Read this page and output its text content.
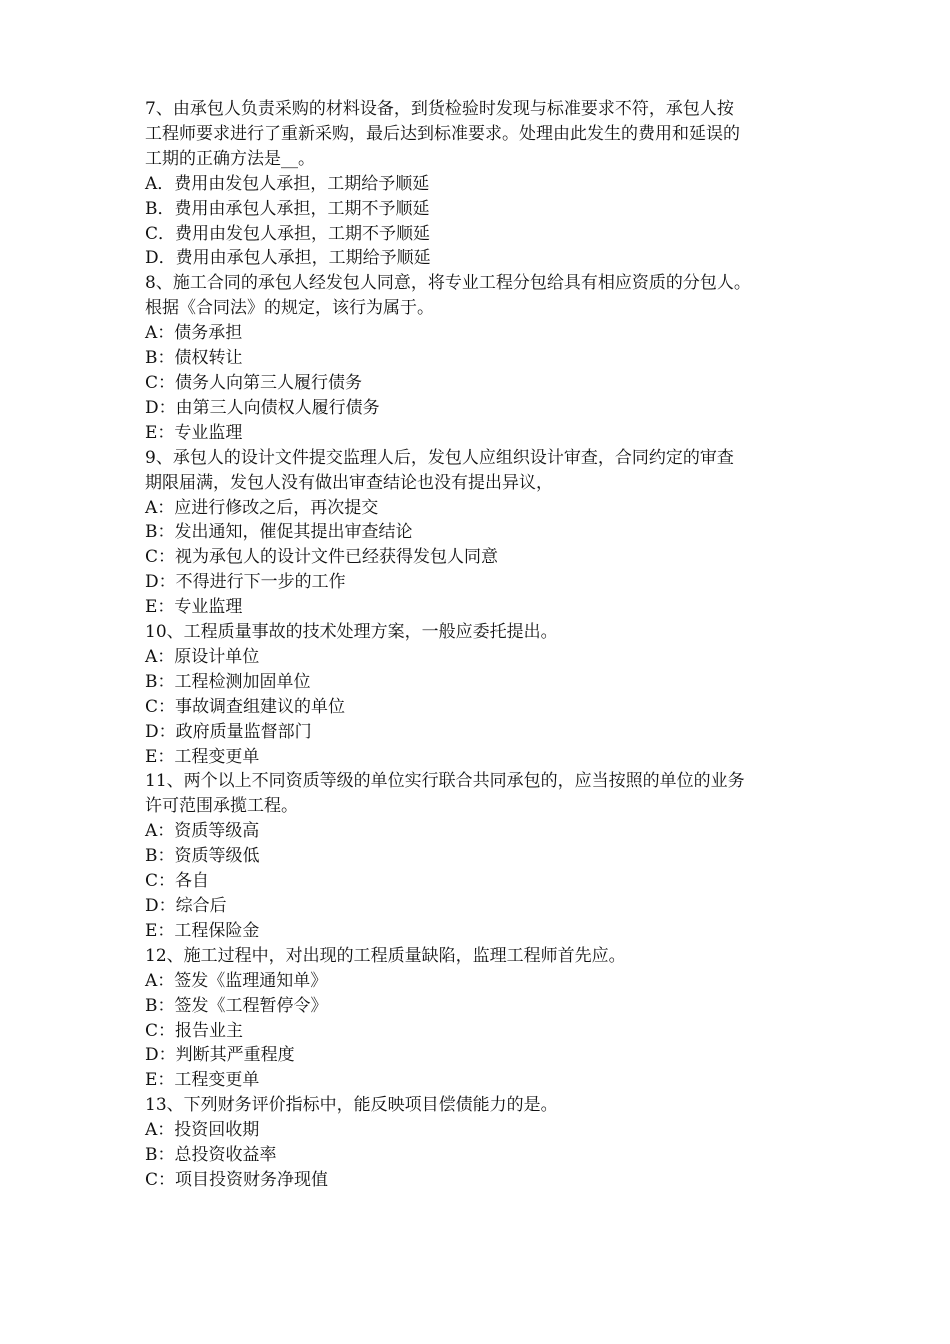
7、由承包人负责采购的材料设备，到货检验时发现与标准要求不符，承包人按
工程师要求进行了重新采购，最后达到标准要求。处理由此发生的费用和延误的
工期的正确方法是__。
A．费用由发包人承担，工期给予顺延
B．费用由承包人承担，工期不予顺延
C．费用由发包人承担，工期不予顺延
D．费用由承包人承担，工期给予顺延
8、施工合同的承包人经发包人同意，将专业工程分包给具有相应资质的分包人。
根据《合同法》的规定，该行为属于。
A：债务承担
B：债权转让
C：债务人向第三人履行债务
D：由第三人向债权人履行债务
E：专业监理
9、承包人的设计文件提交监理人后，发包人应组织设计审查，合同约定的审查
期限届满，发包人没有做出审查结论也没有提出异议，
A：应进行修改之后，再次提交
B：发出通知，催促其提出审查结论
C：视为承包人的设计文件已经获得发包人同意
D：不得进行下一步的工作
E：专业监理
10、工程质量事故的技术处理方案，一般应委托提出。
A：原设计单位
B：工程检测加固单位
C：事故调查组建议的单位
D：政府质量监督部门
E：工程变更单
11、两个以上不同资质等级的单位实行联合共同承包的，应当按照的单位的业务
许可范围承揽工程。
A：资质等级高
B：资质等级低
C：各自
D：综合后
E：工程保险金
12、施工过程中，对出现的工程质量缺陷，监理工程师首先应。
A：签发《监理通知单》
B：签发《工程暂停令》
C：报告业主
D：判断其严重程度
E：工程变更单
13、下列财务评价指标中，能反映项目偿债能力的是。
A：投资回收期
B：总投资收益率
C：项目投资财务净现值
